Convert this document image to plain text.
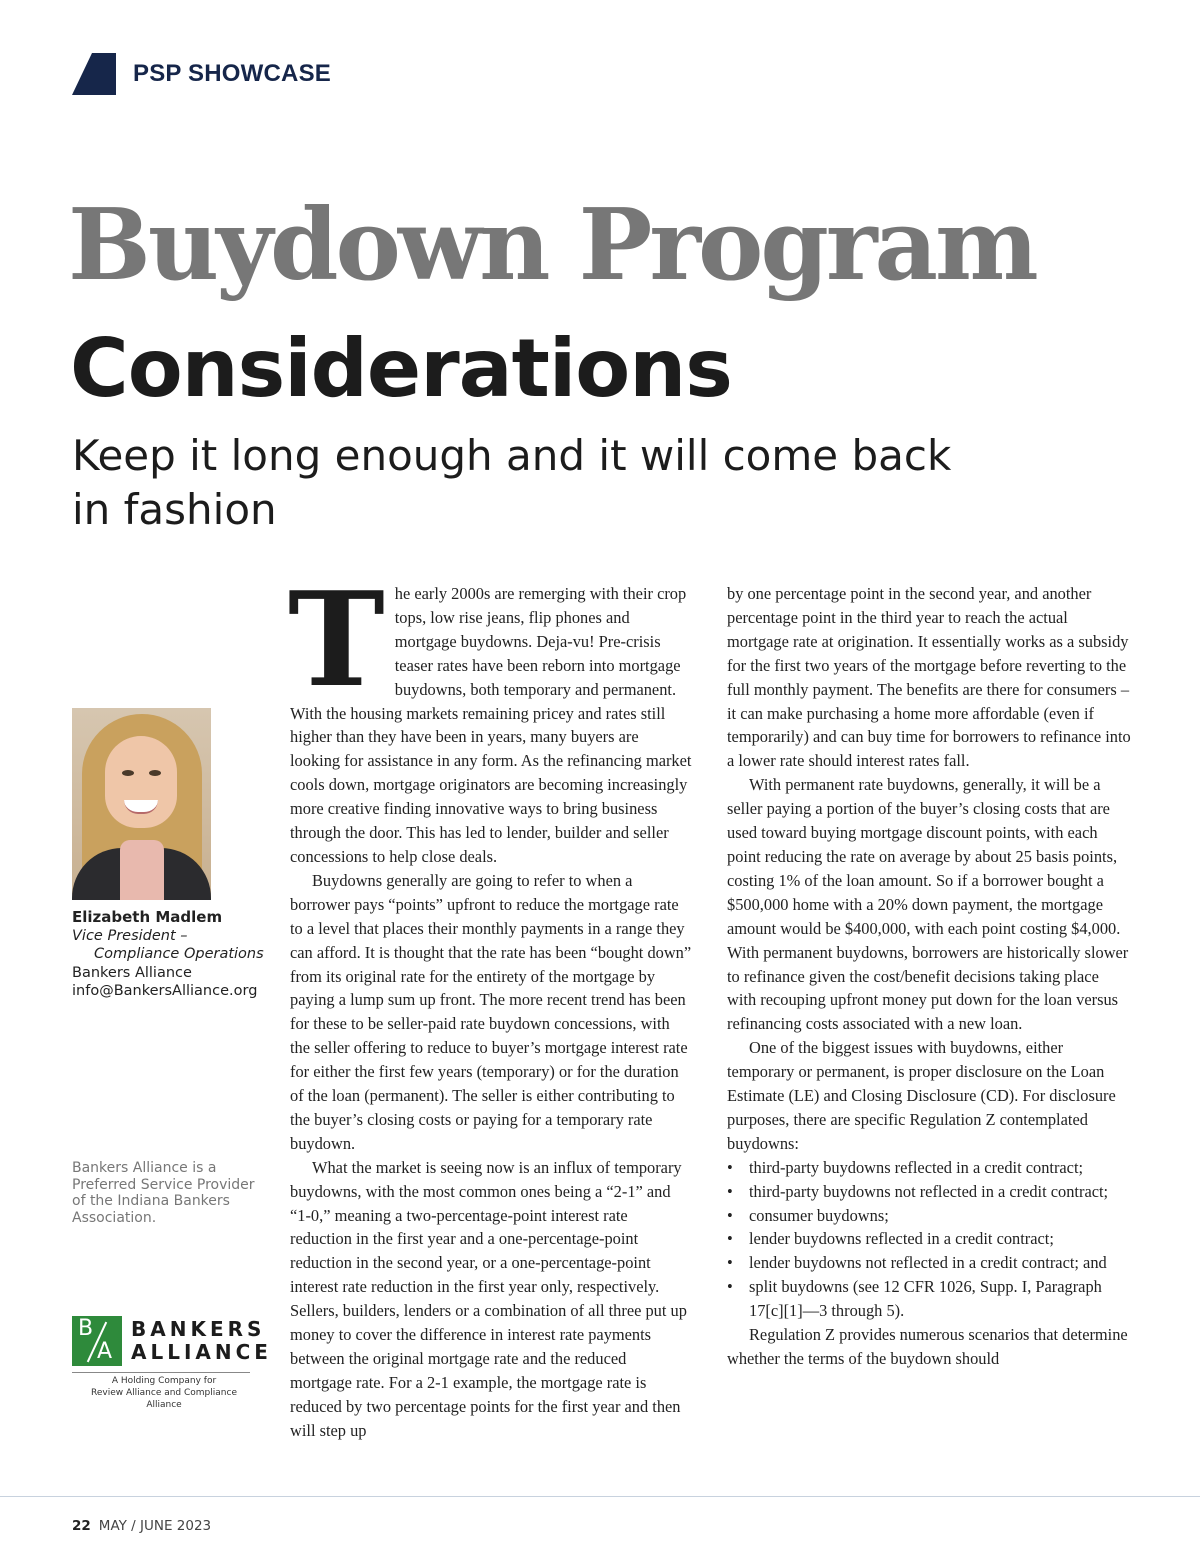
PSP SHOWCASE
Buydown Program
Considerations
Keep it long enough and it will come back in fashion
Elizabeth Madlem
Vice President –
Compliance Operations
Bankers Alliance
info@BankersAlliance.org
Bankers Alliance is a Preferred Service Provider of the Indiana Bankers Association.
B
A
BANKERS
ALLIANCE
A Holding Company for
Review Alliance and Compliance Alliance

The early 2000s are remerging with their crop tops, low rise jeans, flip phones and mortgage buydowns. Deja-vu! Pre-crisis teaser rates have been reborn into mortgage buydowns, both temporary and permanent. With the housing markets remaining pricey and rates still higher than they have been in years, many buyers are looking for assistance in any form. As the refinancing market cools down, mortgage originators are becoming increasingly more creative finding innovative ways to bring business through the door. This has led to lender, builder and seller concessions to help close deals.

Buydowns generally are going to refer to when a borrower pays “points” upfront to reduce the mortgage rate to a level that places their monthly payments in a range they can afford. It is thought that the rate has been “bought down” from its original rate for the entirety of the mortgage by paying a lump sum up front. The more recent trend has been for these to be seller-paid rate buydown concessions, with the seller offering to reduce to buyer’s mortgage interest rate for either the first few years (temporary) or for the duration of the loan (permanent). The seller is either contributing to the buyer’s closing costs or paying for a temporary rate buydown.

What the market is seeing now is an influx of temporary buydowns, with the most common ones being a “2-1” and “1-0,” meaning a two-percentage-point interest rate reduction in the first year and a one-percentage-point reduction in the second year, or a one-percentage-point interest rate reduction in the first year only, respectively. Sellers, builders, lenders or a combination of all three put up money to cover the difference in interest rate payments between the original mortgage rate and the reduced mortgage rate. For a 2-1 example, the mortgage rate is reduced by two percentage points for the first year and then will step up

by one percentage point in the second year, and another percentage point in the third year to reach the actual mortgage rate at origination. It essentially works as a subsidy for the first two years of the mortgage before reverting to the full monthly payment. The benefits are there for consumers – it can make purchasing a home more affordable (even if temporarily) and can buy time for borrowers to refinance into a lower rate should interest rates fall.

With permanent rate buydowns, generally, it will be a seller paying a portion of the buyer’s closing costs that are used toward buying mortgage discount points, with each point reducing the rate on average by about 25 basis points, costing 1% of the loan amount. So if a borrower bought a $500,000 home with a 20% down payment, the mortgage amount would be $400,000, with each point costing $4,000. With permanent buydowns, borrowers are historically slower to refinance given the cost/benefit decisions taking place with recouping upfront money put down for the loan versus refinancing costs associated with a new loan.

One of the biggest issues with buydowns, either temporary or permanent, is proper disclosure on the Loan Estimate (LE) and Closing Disclosure (CD). For disclosure purposes, there are specific Regulation Z contemplated buydowns:

• third-party buydowns reflected in a credit contract;
• third-party buydowns not reflected in a credit contract;
• consumer buydowns;
• lender buydowns reflected in a credit contract;
• lender buydowns not reflected in a credit contract; and
• split buydowns (see 12 CFR 1026, Supp. I, Paragraph 17[c][1]—3 through 5).

Regulation Z provides numerous scenarios that determine whether the terms of the buydown should

22 MAY / JUNE 2023
